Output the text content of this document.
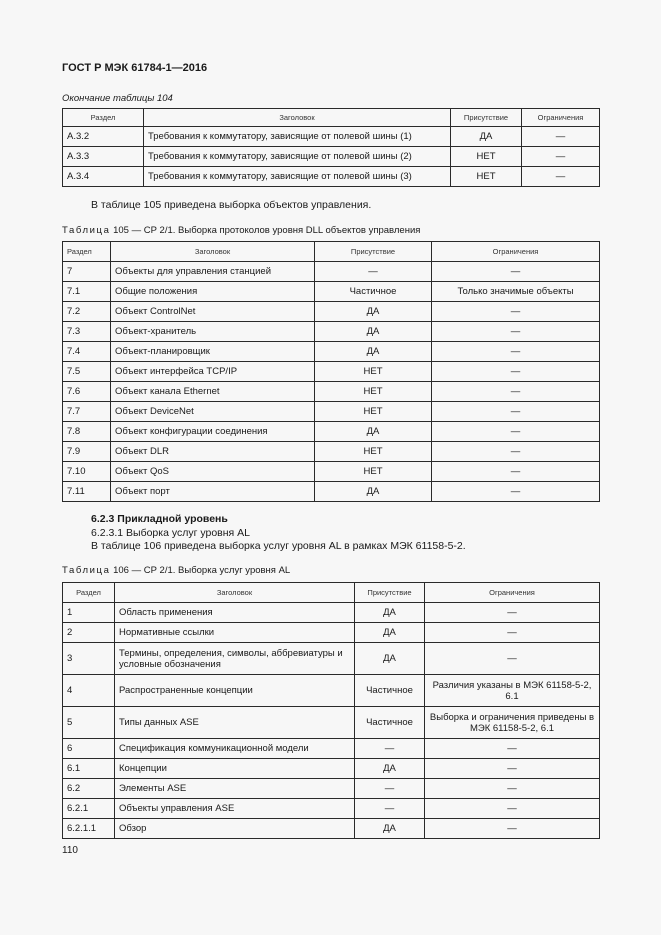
ГОСТ Р МЭК 61784-1—2016
Окончание таблицы 104
Раздел	Заголовок	Присутствие	Ограничения
A.3.2	Требования к коммутатору, зависящие от полевой шины (1)	ДА	—
A.3.3	Требования к коммутатору, зависящие от полевой шины (2)	НЕТ	—
A.3.4	Требования к коммутатору, зависящие от полевой шины (3)	НЕТ	—
В таблице 105 приведена выборка объектов управления.
Таблица 105 — СР 2/1. Выборка протоколов уровня DLL объектов управления
Раздел	Заголовок	Присутствие	Ограничения
7	Объекты для управления станцией	—	—
7.1	Общие положения	Частичное	Только значимые объекты
7.2	Объект ControlNet	ДА	—
7.3	Объект-хранитель	ДА	—
7.4	Объект-планировщик	ДА	—
7.5	Объект интерфейса TCP/IP	НЕТ	—
7.6	Объект канала Ethernet	НЕТ	—
7.7	Объект DeviceNet	НЕТ	—
7.8	Объект конфигурации соединения	ДА	—
7.9	Объект DLR	НЕТ	—
7.10	Объект QoS	НЕТ	—
7.11	Объект порт	ДА	—
6.2.3 Прикладной уровень
6.2.3.1 Выборка услуг уровня AL
В таблице 106 приведена выборка услуг уровня AL в рамках МЭК 61158-5-2.
Таблица 106 — СР 2/1. Выборка услуг уровня AL
Раздел	Заголовок	Присутствие	Ограничения
1	Область применения	ДА	—
2	Нормативные ссылки	ДА	—
3	Термины, определения, символы, аббревиатуры и условные обозначения	ДА	—
4	Распространенные концепции	Частичное	Различия указаны в МЭК 61158-5-2, 6.1
5	Типы данных ASE	Частичное	Выборка и ограничения приведены в МЭК 61158-5-2, 6.1
6	Спецификация коммуникационной модели	—	—
6.1	Концепции	ДА	—
6.2	Элементы ASE	—	—
6.2.1	Объекты управления ASE	—	—
6.2.1.1	Обзор	ДА	—
110
